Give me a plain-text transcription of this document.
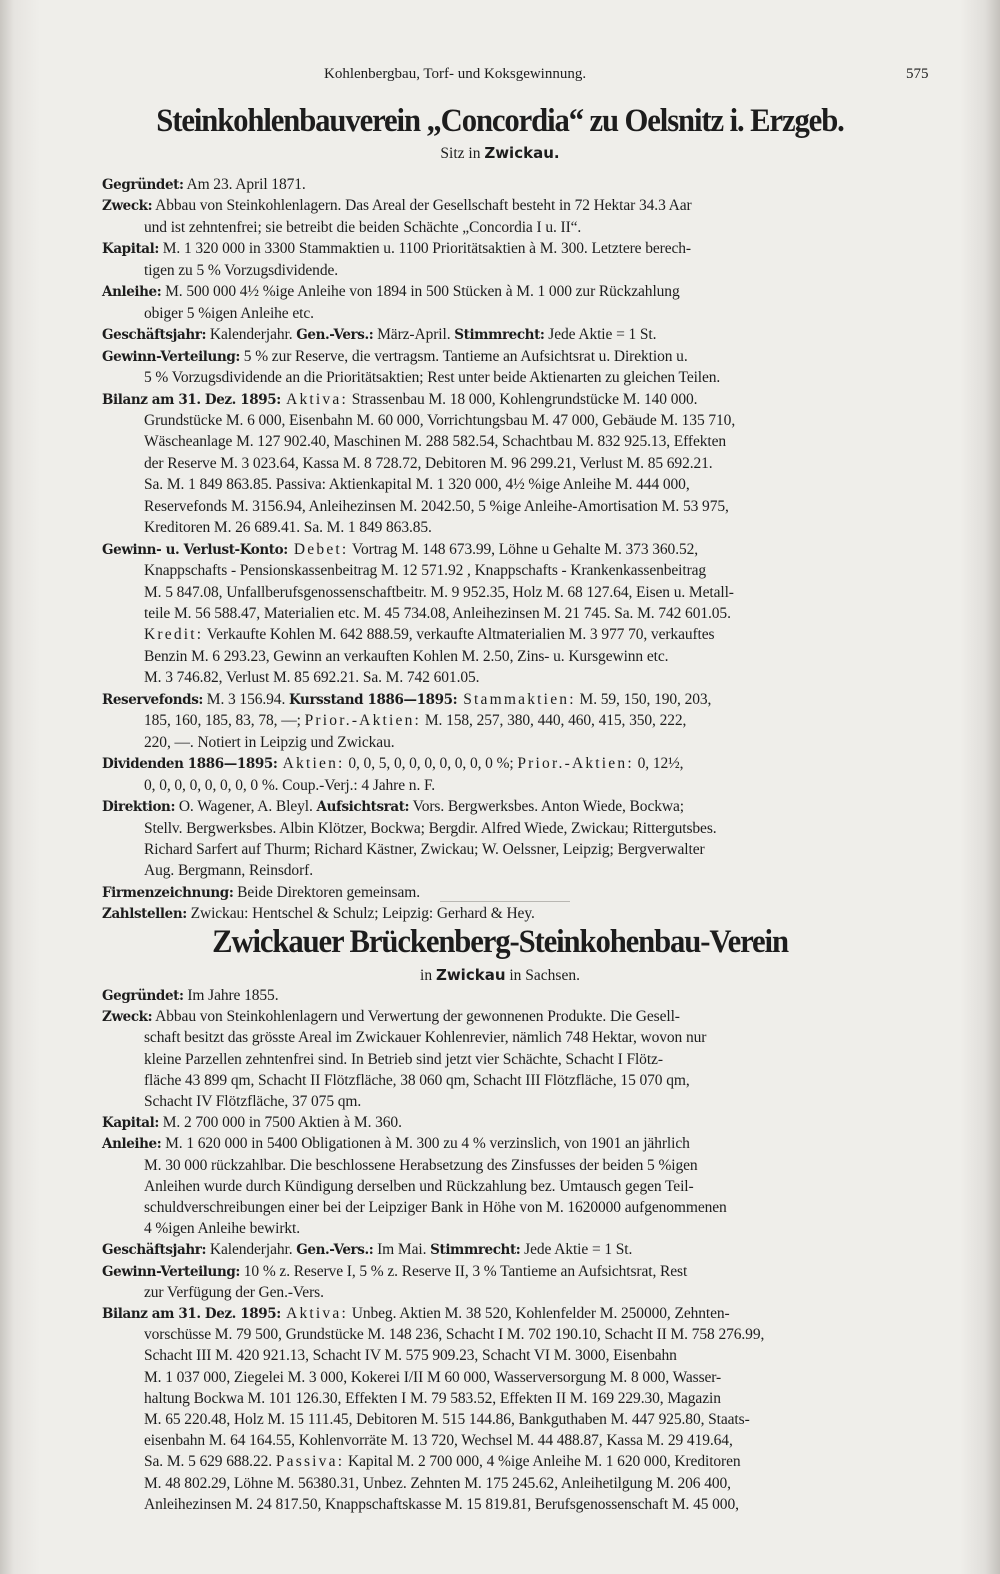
Kohlenbergbau, Torf- und Koksgewinnung.	575
Steinkohlenbauverein „Concordia“ zu Oelsnitz i. Erzgeb.
Sitz in Zwickau.
Gegründet: Am 23. April 1871.
Zweck: Abbau von Steinkohlenlagern. Das Areal der Gesellschaft besteht in 72 Hektar 34.3 Aar
und ist zehntenfrei; sie betreibt die beiden Schächte „Concordia I u. II“.
Kapital: M. 1 320 000 in 3300 Stammaktien u. 1100 Prioritätsaktien à M. 300. Letztere berech-
tigen zu 5 % Vorzugsdividende.
Anleihe: M. 500 000 4½ %ige Anleihe von 1894 in 500 Stücken à M. 1 000 zur Rückzahlung
obiger 5 %igen Anleihe etc.
Geschäftsjahr: Kalenderjahr. Gen.-Vers.: März-April. Stimmrecht: Jede Aktie = 1 St.
Gewinn-Verteilung: 5 % zur Reserve, die vertragsm. Tantieme an Aufsichtsrat u. Direktion u.
5 % Vorzugsdividende an die Prioritätsaktien; Rest unter beide Aktienarten zu gleichen Teilen.
Bilanz am 31. Dez. 1895: Aktiva: Strassenbau M. 18 000, Kohlengrundstücke M. 140 000.
Grundstücke M. 6 000, Eisenbahn M. 60 000, Vorrichtungsbau M. 47 000, Gebäude M. 135 710,
Wäscheanlage M. 127 902.40, Maschinen M. 288 582.54, Schachtbau M. 832 925.13, Effekten
der Reserve M. 3 023.64, Kassa M. 8 728.72, Debitoren M. 96 299.21, Verlust M. 85 692.21.
Sa. M. 1 849 863.85. Passiva: Aktienkapital M. 1 320 000, 4½ %ige Anleihe M. 444 000,
Reservefonds M. 3156.94, Anleihezinsen M. 2042.50, 5 %ige Anleihe-Amortisation M. 53 975,
Kreditoren M. 26 689.41. Sa. M. 1 849 863.85.
Gewinn- u. Verlust-Konto: Debet: Vortrag M. 148 673.99, Löhne u Gehalte M. 373 360.52,
Knappschafts - Pensionskassenbeitrag M. 12 571.92 , Knappschafts - Krankenkassenbeitrag
M. 5 847.08, Unfallberufsgenossenschaftbeitr. M. 9 952.35, Holz M. 68 127.64, Eisen u. Metall-
teile M. 56 588.47, Materialien etc. M. 45 734.08, Anleihezinsen M. 21 745. Sa. M. 742 601.05.
Kredit: Verkaufte Kohlen M. 642 888.59, verkaufte Altmaterialien M. 3 977 70, verkauftes
Benzin M. 6 293.23, Gewinn an verkauften Kohlen M. 2.50, Zins- u. Kursgewinn etc.
M. 3 746.82, Verlust M. 85 692.21. Sa. M. 742 601.05.
Reservefonds: M. 3 156.94. Kursstand 1886—1895: Stammaktien: M. 59, 150, 190, 203,
185, 160, 185, 83, 78, —; Prior.-Aktien: M. 158, 257, 380, 440, 460, 415, 350, 222,
220, —. Notiert in Leipzig und Zwickau.
Dividenden 1886—1895: Aktien: 0, 0, 5, 0, 0, 0, 0, 0, 0, 0 %; Prior.-Aktien: 0, 12½,
0, 0, 0, 0, 0, 0, 0, 0 %. Coup.-Verj.: 4 Jahre n. F.
Direktion: O. Wagener, A. Bleyl. Aufsichtsrat: Vors. Bergwerksbes. Anton Wiede, Bockwa;
Stellv. Bergwerksbes. Albin Klötzer, Bockwa; Bergdir. Alfred Wiede, Zwickau; Rittergutsbes.
Richard Sarfert auf Thurm; Richard Kästner, Zwickau; W. Oelssner, Leipzig; Bergverwalter
Aug. Bergmann, Reinsdorf.
Firmenzeichnung: Beide Direktoren gemeinsam.
Zahlstellen: Zwickau: Hentschel & Schulz; Leipzig: Gerhard & Hey.
Zwickauer Brückenberg-Steinkohenbau-Verein
in Zwickau in Sachsen.
Gegründet: Im Jahre 1855.
Zweck: Abbau von Steinkohlenlagern und Verwertung der gewonnenen Produkte. Die Gesell-
schaft besitzt das grösste Areal im Zwickauer Kohlenrevier, nämlich 748 Hektar, wovon nur
kleine Parzellen zehntenfrei sind. In Betrieb sind jetzt vier Schächte, Schacht I Flötz-
fläche 43 899 qm, Schacht II Flötzfläche, 38 060 qm, Schacht III Flötzfläche, 15 070 qm,
Schacht IV Flötzfläche, 37 075 qm.
Kapital: M. 2 700 000 in 7500 Aktien à M. 360.
Anleihe: M. 1 620 000 in 5400 Obligationen à M. 300 zu 4 % verzinslich, von 1901 an jährlich
M. 30 000 rückzahlbar. Die beschlossene Herabsetzung des Zinsfusses der beiden 5 %igen
Anleihen wurde durch Kündigung derselben und Rückzahlung bez. Umtausch gegen Teil-
schuldverschreibungen einer bei der Leipziger Bank in Höhe von M. 1620000 aufgenommenen
4 %igen Anleihe bewirkt.
Geschäftsjahr: Kalenderjahr. Gen.-Vers.: Im Mai. Stimmrecht: Jede Aktie = 1 St.
Gewinn-Verteilung: 10 % z. Reserve I, 5 % z. Reserve II, 3 % Tantieme an Aufsichtsrat, Rest
zur Verfügung der Gen.-Vers.
Bilanz am 31. Dez. 1895: Aktiva: Unbeg. Aktien M. 38 520, Kohlenfelder M. 250000, Zehnten-
vorschüsse M. 79 500, Grundstücke M. 148 236, Schacht I M. 702 190.10, Schacht II M. 758 276.99,
Schacht III M. 420 921.13, Schacht IV M. 575 909.23, Schacht VI M. 3000, Eisenbahn
M. 1 037 000, Ziegelei M. 3 000, Kokerei I/II M 60 000, Wasserversorgung M. 8 000, Wasser-
haltung Bockwa M. 101 126.30, Effekten I M. 79 583.52, Effekten II M. 169 229.30, Magazin
M. 65 220.48, Holz M. 15 111.45, Debitoren M. 515 144.86, Bankguthaben M. 447 925.80, Staats-
eisenbahn M. 64 164.55, Kohlenvorräte M. 13 720, Wechsel M. 44 488.87, Kassa M. 29 419.64,
Sa. M. 5 629 688.22. Passiva: Kapital M. 2 700 000, 4 %ige Anleihe M. 1 620 000, Kreditoren
M. 48 802.29, Löhne M. 56380.31, Unbez. Zehnten M. 175 245.62, Anleihetilgung M. 206 400,
Anleihezinsen M. 24 817.50, Knappschaftskasse M. 15 819.81, Berufsgenossenschaft M. 45 000,
